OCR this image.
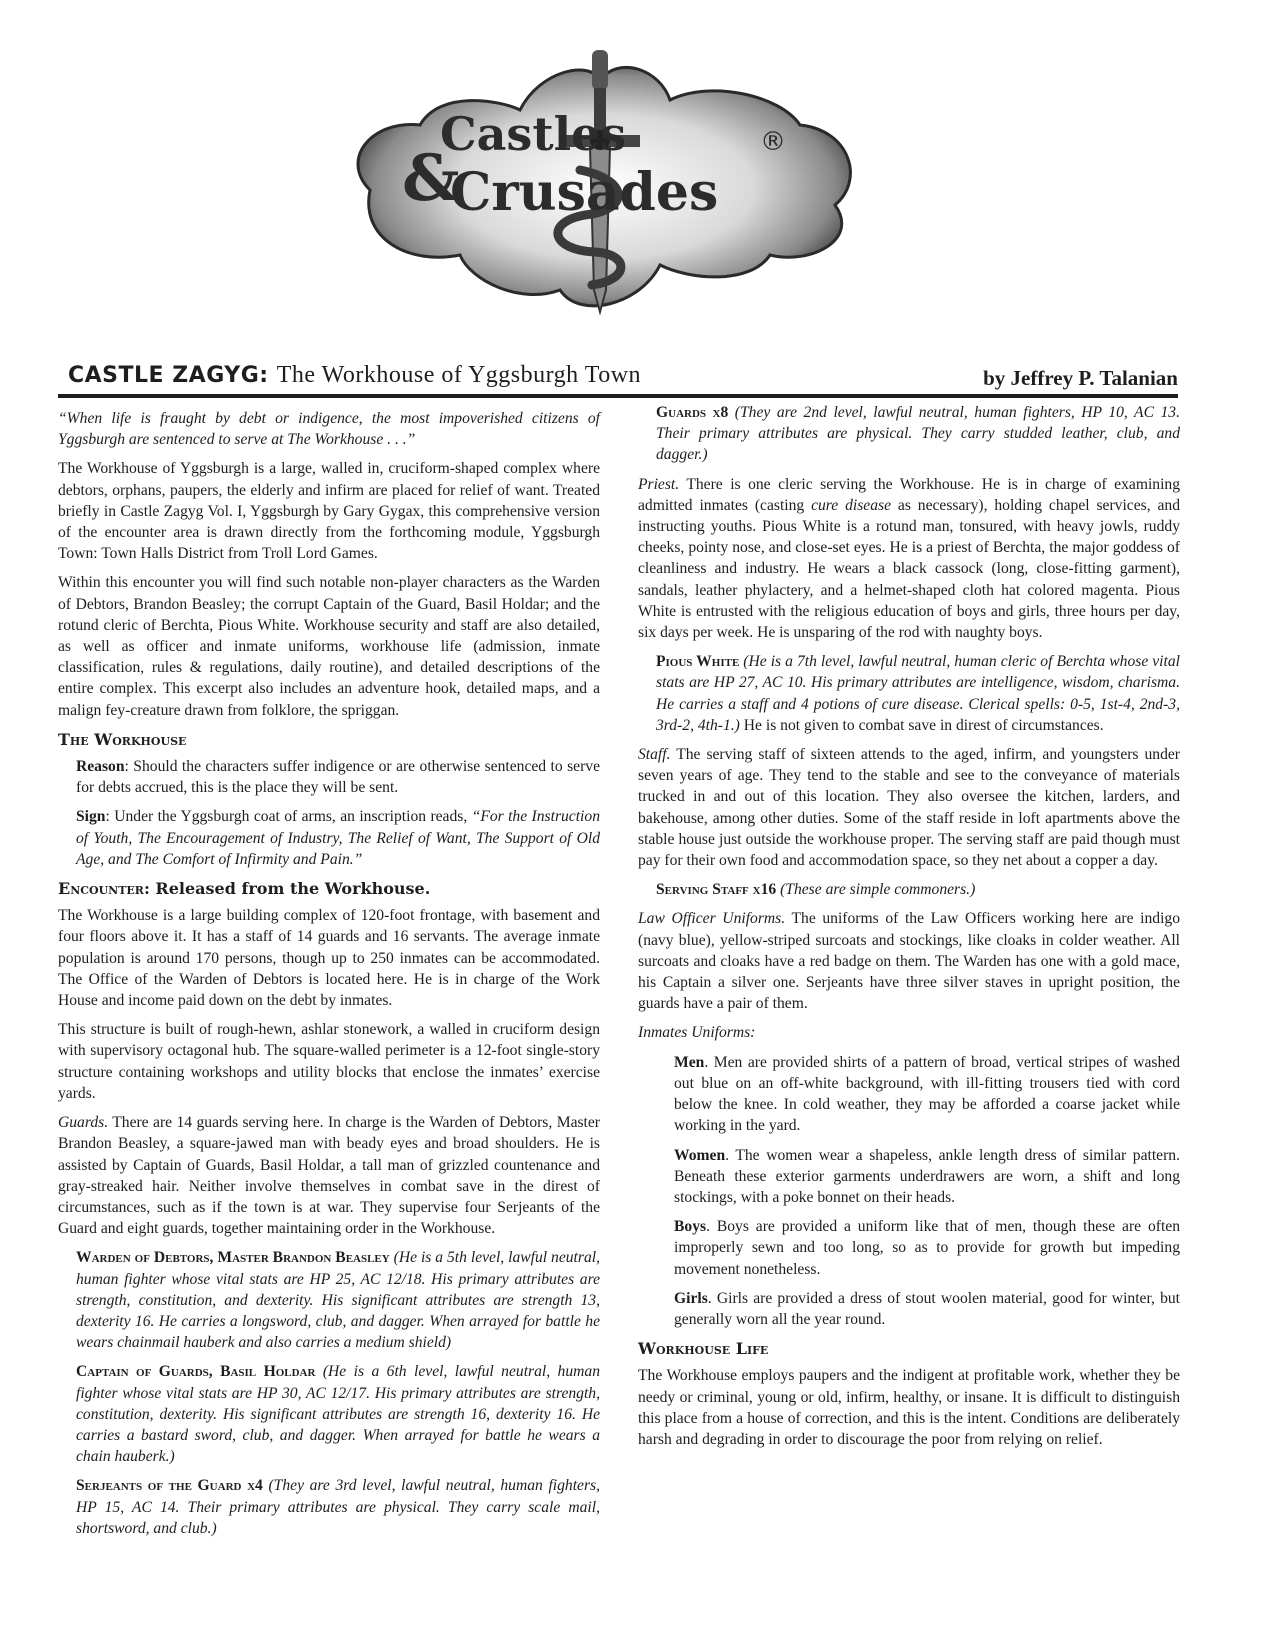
Castles
&
Crusades
®
CASTLE ZAGYG: The Workhouse of Yggsburgh Town	by Jeffrey P. Talanian

“When life is fraught by debt or indigence, the most impoverished citizens of Yggsburgh are sentenced to serve at The Workhouse . . .”

The Workhouse of Yggsburgh is a large, walled in, cruciform-shaped complex where debtors, orphans, paupers, the elderly and infirm are placed for relief of want. Treated briefly in Castle Zagyg Vol. I, Yggsburgh by Gary Gygax, this comprehensive version of the encounter area is drawn directly from the forthcoming module, Yggsburgh Town: Town Halls District from Troll Lord Games.

Within this encounter you will find such notable non-player characters as the Warden of Debtors, Brandon Beasley; the corrupt Captain of the Guard, Basil Holdar; and the rotund cleric of Berchta, Pious White. Workhouse security and staff are also detailed, as well as officer and inmate uniforms, workhouse life (admission, inmate classification, rules & regulations, daily routine), and detailed descriptions of the entire complex. This excerpt also includes an adventure hook, detailed maps, and a malign fey-creature drawn from folklore, the spriggan.

The Workhouse

Reason: Should the characters suffer indigence or are otherwise sentenced to serve for debts accrued, this is the place they will be sent.

Sign: Under the Yggsburgh coat of arms, an inscription reads, “For the Instruction of Youth, The Encouragement of Industry, The Relief of Want, The Support of Old Age, and The Comfort of Infirmity and Pain.”

Encounter: Released from the Workhouse.

The Workhouse is a large building complex of 120-foot frontage, with basement and four floors above it. It has a staff of 14 guards and 16 servants. The average inmate population is around 170 persons, though up to 250 inmates can be accommodated. The Office of the Warden of Debtors is located here. He is in charge of the Work House and income paid down on the debt by inmates.

This structure is built of rough-hewn, ashlar stonework, a walled in cruciform design with supervisory octagonal hub. The square-walled perimeter is a 12-foot single-story structure containing workshops and utility blocks that enclose the inmates’ exercise yards.

Guards. There are 14 guards serving here. In charge is the Warden of Debtors, Master Brandon Beasley, a square-jawed man with beady eyes and broad shoulders. He is assisted by Captain of Guards, Basil Holdar, a tall man of grizzled countenance and gray-streaked hair. Neither involve themselves in combat save in the direst of circumstances, such as if the town is at war. They supervise four Serjeants of the Guard and eight guards, together maintaining order in the Workhouse.

Warden of Debtors, Master Brandon Beasley (He is a 5th level, lawful neutral, human fighter whose vital stats are HP 25, AC 12/18. His primary attributes are strength, constitution, and dexterity. His significant attributes are strength 13, dexterity 16. He carries a longsword, club, and dagger. When arrayed for battle he wears chainmail hauberk and also carries a medium shield)

Captain of Guards, Basil Holdar (He is a 6th level, lawful neutral, human fighter whose vital stats are HP 30, AC 12/17. His primary attributes are strength, constitution, dexterity. His significant attributes are strength 16, dexterity 16. He carries a bastard sword, club, and dagger. When arrayed for battle he wears a chain hauberk.)

Serjeants of the Guard x4 (They are 3rd level, lawful neutral, human fighters, HP 15, AC 14. Their primary attributes are physical. They carry scale mail, shortsword, and club.)

Guards x8 (They are 2nd level, lawful neutral, human fighters, HP 10, AC 13. Their primary attributes are physical. They carry studded leather, club, and dagger.)

Priest. There is one cleric serving the Workhouse. He is in charge of examining admitted inmates (casting cure disease as necessary), holding chapel services, and instructing youths. Pious White is a rotund man, tonsured, with heavy jowls, ruddy cheeks, pointy nose, and close-set eyes. He is a priest of Berchta, the major goddess of cleanliness and industry. He wears a black cassock (long, close-fitting garment), sandals, leather phylactery, and a helmet-shaped cloth hat colored magenta. Pious White is entrusted with the religious education of boys and girls, three hours per day, six days per week. He is unsparing of the rod with naughty boys.

Pious White (He is a 7th level, lawful neutral, human cleric of Berchta whose vital stats are HP 27, AC 10. His primary attributes are intelligence, wisdom, charisma. He carries a staff and 4 potions of cure disease. Clerical spells: 0-5, 1st-4, 2nd-3, 3rd-2, 4th-1.) He is not given to combat save in direst of circumstances.

Staff. The serving staff of sixteen attends to the aged, infirm, and youngsters under seven years of age. They tend to the stable and see to the conveyance of materials trucked in and out of this location. They also oversee the kitchen, larders, and bakehouse, among other duties. Some of the staff reside in loft apartments above the stable house just outside the workhouse proper. The serving staff are paid though must pay for their own food and accommodation space, so they net about a copper a day.

Serving Staff x16 (These are simple commoners.)

Law Officer Uniforms. The uniforms of the Law Officers working here are indigo (navy blue), yellow-striped surcoats and stockings, like cloaks in colder weather. All surcoats and cloaks have a red badge on them. The Warden has one with a gold mace, his Captain a silver one. Serjeants have three silver staves in upright position, the guards have a pair of them.

Inmates Uniforms:

Men. Men are provided shirts of a pattern of broad, vertical stripes of washed out blue on an off-white background, with ill-fitting trousers tied with cord below the knee. In cold weather, they may be afforded a coarse jacket while working in the yard.

Women. The women wear a shapeless, ankle length dress of similar pattern. Beneath these exterior garments underdrawers are worn, a shift and long stockings, with a poke bonnet on their heads.

Boys. Boys are provided a uniform like that of men, though these are often improperly sewn and too long, so as to provide for growth but impeding movement nonetheless.

Girls. Girls are provided a dress of stout woolen material, good for winter, but generally worn all the year round.

Workhouse Life

The Workhouse employs paupers and the indigent at profitable work, whether they be needy or criminal, young or old, infirm, healthy, or insane. It is difficult to distinguish this place from a house of correction, and this is the intent. Conditions are deliberately harsh and degrading in order to discourage the poor from relying on relief.
